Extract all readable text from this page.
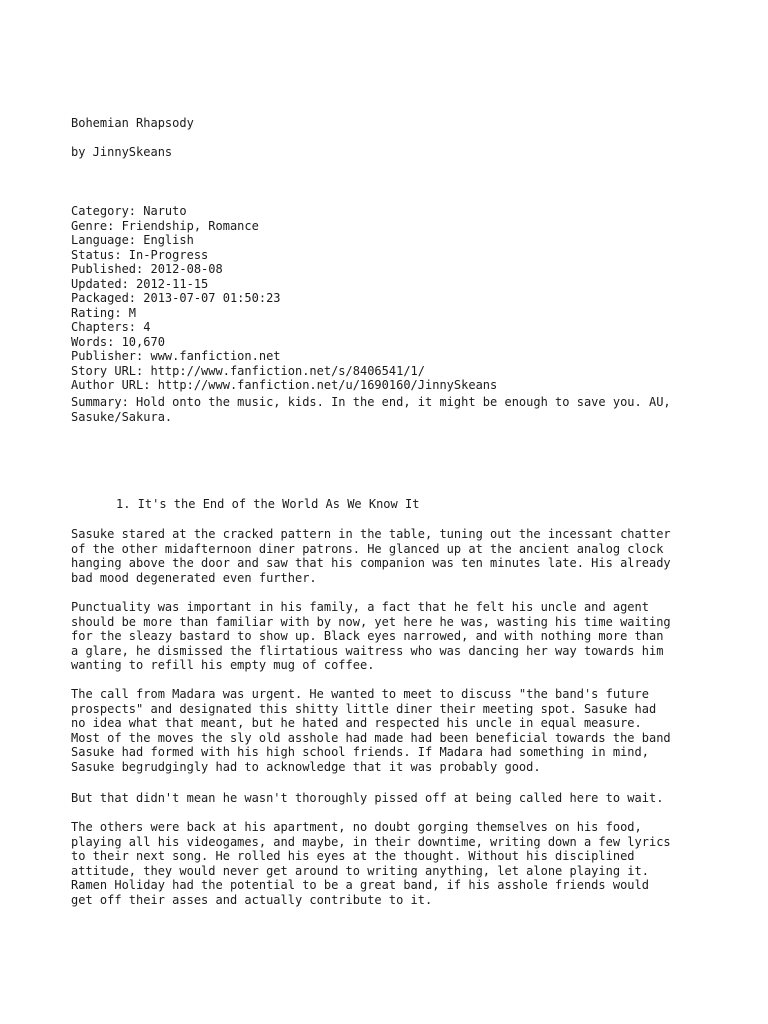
Bohemian Rhapsody
by JinnySkeans
Category: Naruto
Genre: Friendship, Romance
Language: English
Status: In-Progress
Published: 2012-08-08
Updated: 2012-11-15
Packaged: 2013-07-07 01:50:23
Rating: M
Chapters: 4
Words: 10,670
Publisher: www.fanfiction.net
Story URL: http://www.fanfiction.net/s/8406541/1/
Author URL: http://www.fanfiction.net/u/1690160/JinnySkeans
Summary: Hold onto the music, kids. In the end, it might be enough to save you. AU,
Sasuke/Sakura.
1. It's the End of the World As We Know It
Sasuke stared at the cracked pattern in the table, tuning out the incessant chatter
of the other midafternoon diner patrons. He glanced up at the ancient analog clock
hanging above the door and saw that his companion was ten minutes late. His already
bad mood degenerated even further.
Punctuality was important in his family, a fact that he felt his uncle and agent
should be more than familiar with by now, yet here he was, wasting his time waiting
for the sleazy bastard to show up. Black eyes narrowed, and with nothing more than
a glare, he dismissed the flirtatious waitress who was dancing her way towards him
wanting to refill his empty mug of coffee.
The call from Madara was urgent. He wanted to meet to discuss "the band's future
prospects" and designated this shitty little diner their meeting spot. Sasuke had
no idea what that meant, but he hated and respected his uncle in equal measure.
Most of the moves the sly old asshole had made had been beneficial towards the band
Sasuke had formed with his high school friends. If Madara had something in mind,
Sasuke begrudgingly had to acknowledge that it was probably good.
But that didn't mean he wasn't thoroughly pissed off at being called here to wait.
The others were back at his apartment, no doubt gorging themselves on his food,
playing all his videogames, and maybe, in their downtime, writing down a few lyrics
to their next song. He rolled his eyes at the thought. Without his disciplined
attitude, they would never get around to writing anything, let alone playing it.
Ramen Holiday had the potential to be a great band, if his asshole friends would
get off their asses and actually contribute to it.
